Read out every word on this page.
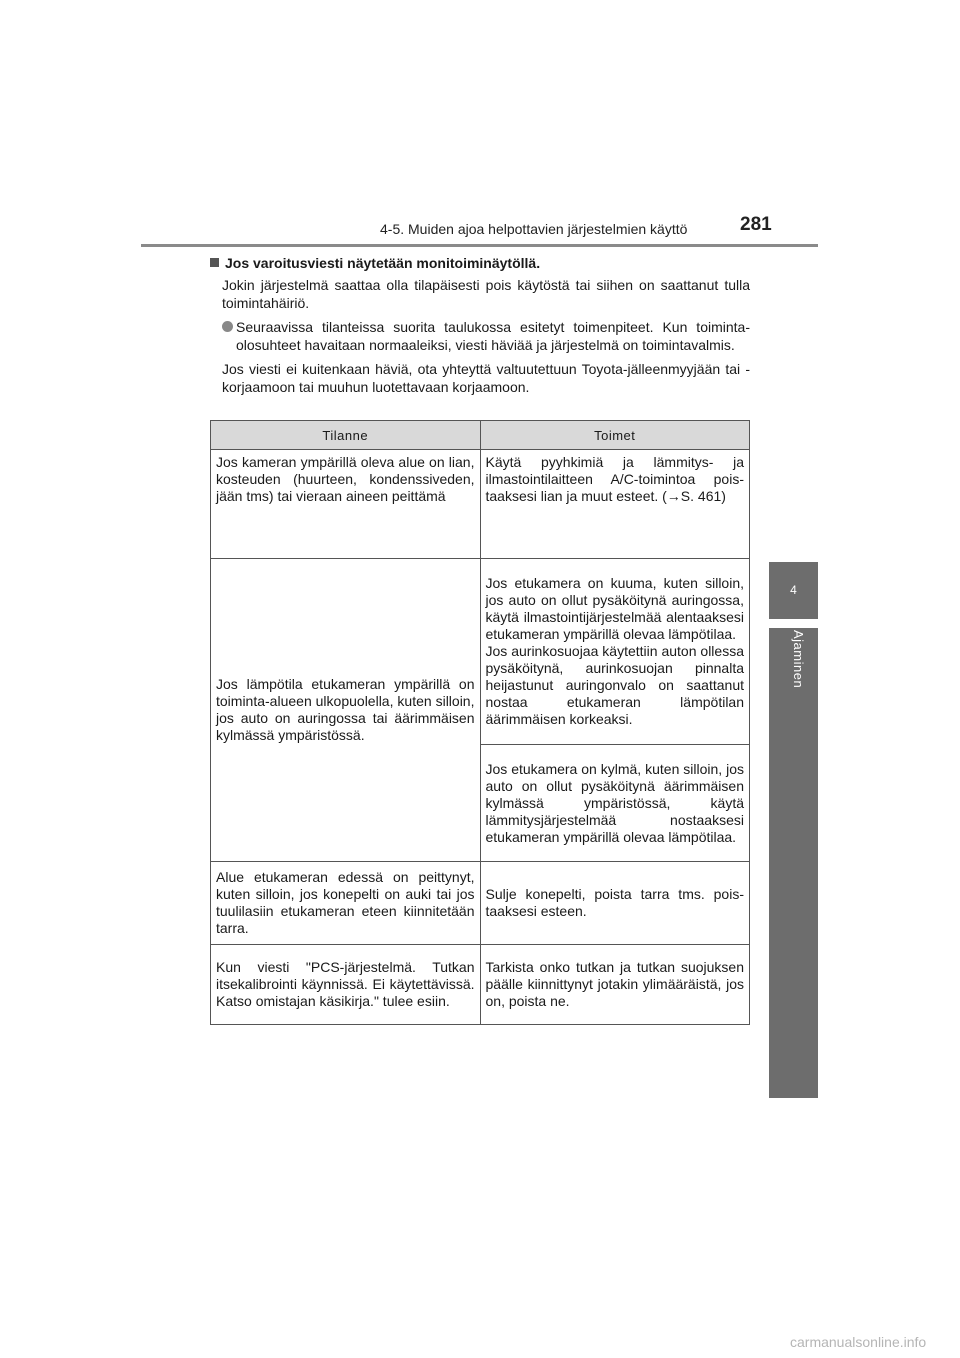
4-5. Muiden ajoa helpottavien järjestelmien käyttö	281
4
Ajaminen
Jos varoitusviesti näytetään monitoiminäytöllä.

Jokin järjestelmä saattaa olla tilapäisesti pois käytöstä tai siihen on saattanut tulla toimintahäiriö.

Seuraavissa tilanteissa suorita taulukossa esitetyt toimenpiteet. Kun toimintaolosuhteet havaitaan normaaleiksi, viesti häviää ja järjestelmä on toimintavalmis.

Jos viesti ei kuitenkaan häviä, ota yhteyttä valtuutettuun Toyota-jälleenmyyjään tai -korjaamoon tai muuhun luotettavaan korjaamoon.

Tilanne	Toimet
Jos kameran ympärillä oleva alue on lian, kosteuden (huurteen, kondenssiveden, jään tms) tai vieraan aineen peittämä	Käytä pyyhkimiä ja lämmitys- ja ilmastointilaitteen A/C-toimintoa poistaaksesi lian ja muut esteet. (→S. 461)
Jos lämpötila etukameran ympärillä on toiminta-alueen ulkopuolella, kuten silloin, jos auto on auringossa tai äärimmäisen kylmässä ympäristössä.	Jos etukamera on kuuma, kuten silloin, jos auto on ollut pysäköitynä auringossa, käytä ilmastointijärjestelmää alentaaksesi etukameran ympärillä olevaa lämpötilaa.
Jos aurinkosuojaa käytettiin auton ollessa pysäköitynä, aurinkosuojan pinnalta heijastunut auringonvalo on saattanut nostaa etukameran lämpötilan äärimmäisen korkeaksi.

	Jos etukamera on kylmä, kuten silloin, jos auto on ollut pysäköitynä äärimmäisen kylmässä ympäristössä, käytä lämmitysjärjestelmää nostaaksesi etukameran ympärillä olevaa lämpötilaa.
Alue etukameran edessä on peittynyt, kuten silloin, jos konepelti on auki tai jos tuulilasiin etukameran eteen kiinnitetään tarra.	Sulje konepelti, poista tarra tms. poistaaksesi esteen.
Kun viesti "PCS-järjestelmä. Tutkan itsekalibrointi käynnissä. Ei käytettävissä. Katso omistajan käsikirja." tulee esiin.	Tarkista onko tutkan ja tutkan suojuksen päälle kiinnittynyt jotakin ylimääräistä, jos on, poista ne.
carmanualsonline.info
